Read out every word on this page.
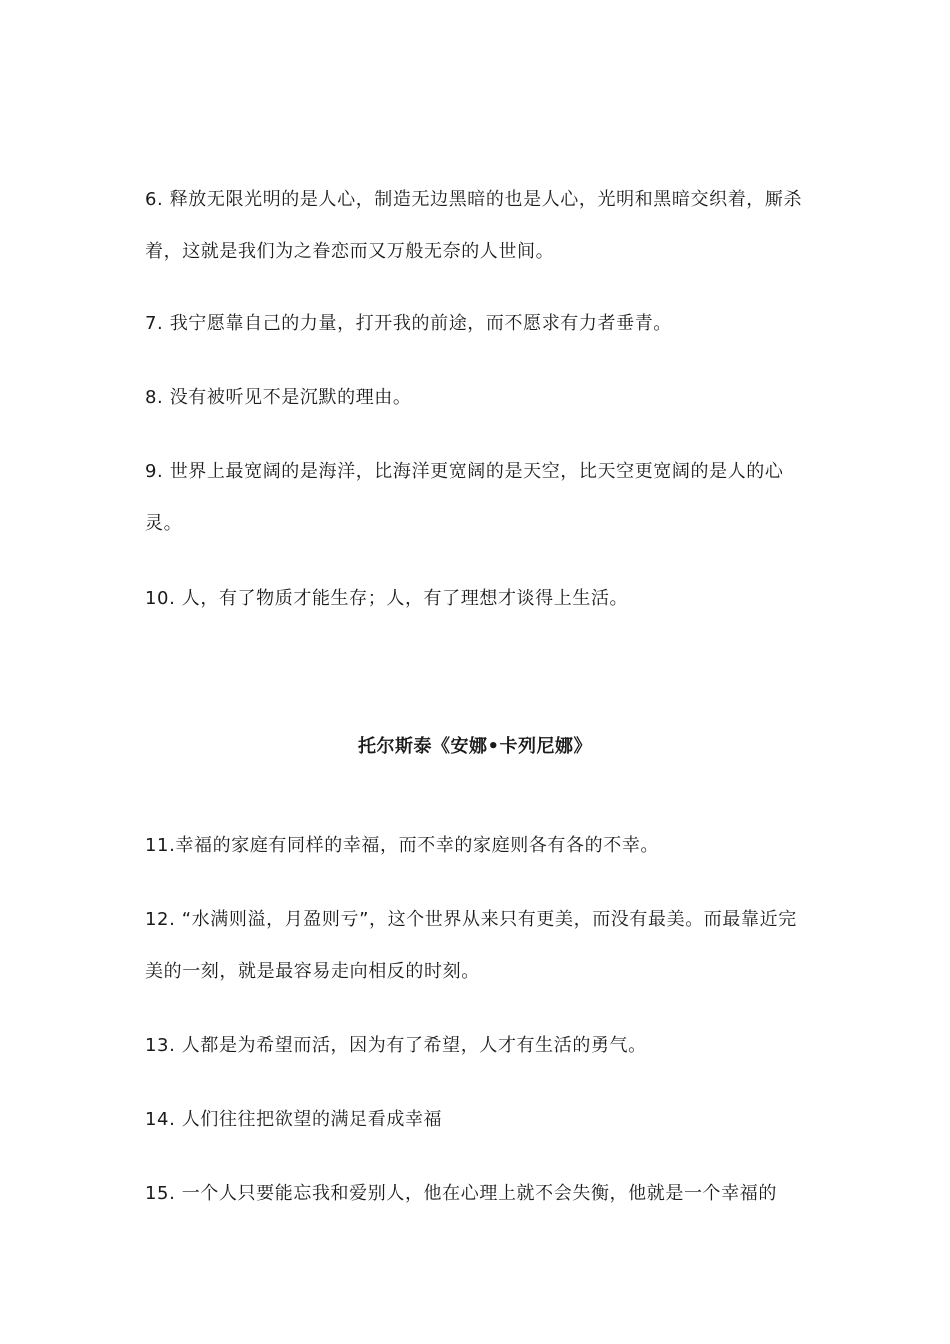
6. 释放无限光明的是人心，制造无边黑暗的也是人心，光明和黑暗交织着，厮杀着，这就是我们为之眷恋而又万般无奈的人世间。

7. 我宁愿靠自己的力量，打开我的前途，而不愿求有力者垂青。

8. 没有被听见不是沉默的理由。

9. 世界上最宽阔的是海洋，比海洋更宽阔的是天空，比天空更宽阔的是人的心灵。

10. 人，有了物质才能生存；人，有了理想才谈得上生活。

托尔斯泰《安娜•卡列尼娜》

11.幸福的家庭有同样的幸福，而不幸的家庭则各有各的不幸。

12. “水满则溢，月盈则亏”，这个世界从来只有更美，而没有最美。而最靠近完美的一刻，就是最容易走向相反的时刻。

13. 人都是为希望而活，因为有了希望，人才有生活的勇气。

14. 人们往往把欲望的满足看成幸福

15. 一个人只要能忘我和爱别人，他在心理上就不会失衡，他就是一个幸福的
